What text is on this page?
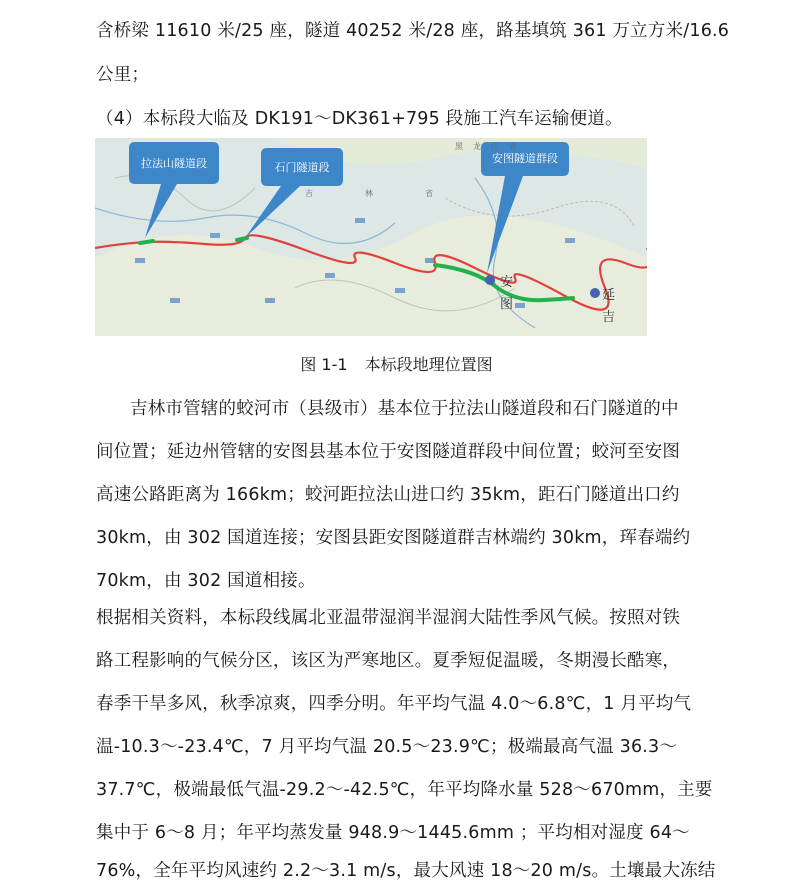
含桥梁 11610 米/25 座，隧道 40252 米/28 座，路基填筑 361 万立方米/16.6
公里；
（4）本标段大临及 DK191～DK361+795 段施工汽车运输便道。
拉法山隧道段	石门隧道段
安图隧道群段
安
图
延
吉
黑 龙 江 省
吉	林	省
图 1-1 本标段地理位置图
吉林市管辖的蛟河市（县级市）基本位于拉法山隧道段和石门隧道的中
间位置；延边州管辖的安图县基本位于安图隧道群段中间位置；蛟河至安图
高速公路距离为 166km；蛟河距拉法山进口约 35km，距石门隧道出口约
30km，由 302 国道连接；安图县距安图隧道群吉林端约 30km，珲春端约
70km，由 302 国道相接。
根据相关资料，本标段线属北亚温带湿润半湿润大陆性季风气候。按照对铁
路工程影响的气候分区，该区为严寒地区。夏季短促温暖，冬期漫长酷寒，
春季干旱多风，秋季凉爽，四季分明。年平均气温 4.0～6.8℃，1 月平均气
温-10.3～-23.4℃，7 月平均气温 20.5～23.9℃；极端最高气温 36.3～
37.7℃，极端最低气温-29.2～-42.5℃，年平均降水量 528～670mm，主要
集中于 6～8 月；年平均蒸发量 948.9～1445.6mm ；平均相对湿度 64～
76%，全年平均风速约 2.2～3.1 m/s，最大风速 18～20 m/s。土壤最大冻结
